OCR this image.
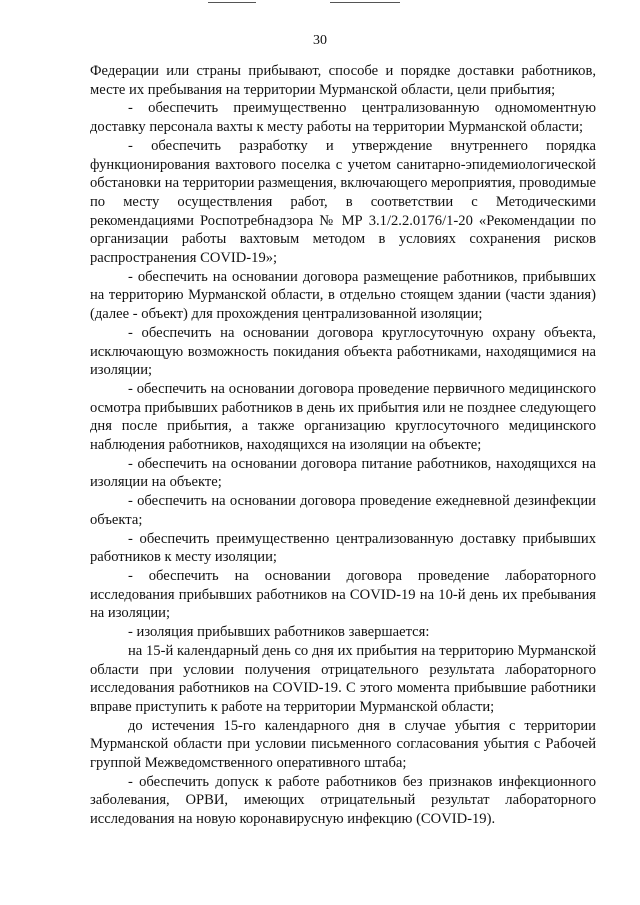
30

Федерации или страны прибывают, способе и порядке доставки работников, месте их пребывания на территории Мурманской области, цели прибытия;

- обеспечить преимущественно централизованную одномоментную доставку персонала вахты к месту работы на территории Мурманской области;

- обеспечить разработку и утверждение внутреннего порядка функционирования вахтового поселка с учетом санитарно-эпидемиологической обстановки на территории размещения, включающего мероприятия, проводимые по месту осуществления работ, в соответствии с Методическими рекомендациями Роспотребнадзора № МР 3.1/2.2.0176/1-20 «Рекомендации по организации работы вахтовым методом в условиях сохранения рисков распространения COVID-19»;

- обеспечить на основании договора размещение работников, прибывших на территорию Мурманской области, в отдельно стоящем здании (части здания) (далее - объект) для прохождения централизованной изоляции;

- обеспечить на основании договора круглосуточную охрану объекта, исключающую возможность покидания объекта работниками, находящимися на изоляции;

- обеспечить на основании договора проведение первичного медицинского осмотра прибывших работников в день их прибытия или не позднее следующего дня после прибытия, а также организацию круглосуточного медицинского наблюдения работников, находящихся на изоляции на объекте;

- обеспечить на основании договора питание работников, находящихся на изоляции на объекте;

- обеспечить на основании договора проведение ежедневной дезинфекции объекта;

- обеспечить преимущественно централизованную доставку прибывших работников к месту изоляции;

- обеспечить на основании договора проведение лабораторного исследования прибывших работников на COVID-19 на 10-й день их пребывания на изоляции;

- изоляция прибывших работников завершается:

на 15-й календарный день со дня их прибытия на территорию Мурманской области при условии получения отрицательного результата лабораторного исследования работников на COVID-19. С этого момента прибывшие работники вправе приступить к работе на территории Мурманской области;

до истечения 15-го календарного дня в случае убытия с территории Мурманской области при условии письменного согласования убытия с Рабочей группой Межведомственного оперативного штаба;

- обеспечить допуск к работе работников без признаков инфекционного заболевания, ОРВИ, имеющих отрицательный результат лабораторного исследования на новую коронавирусную инфекцию (COVID-19).
